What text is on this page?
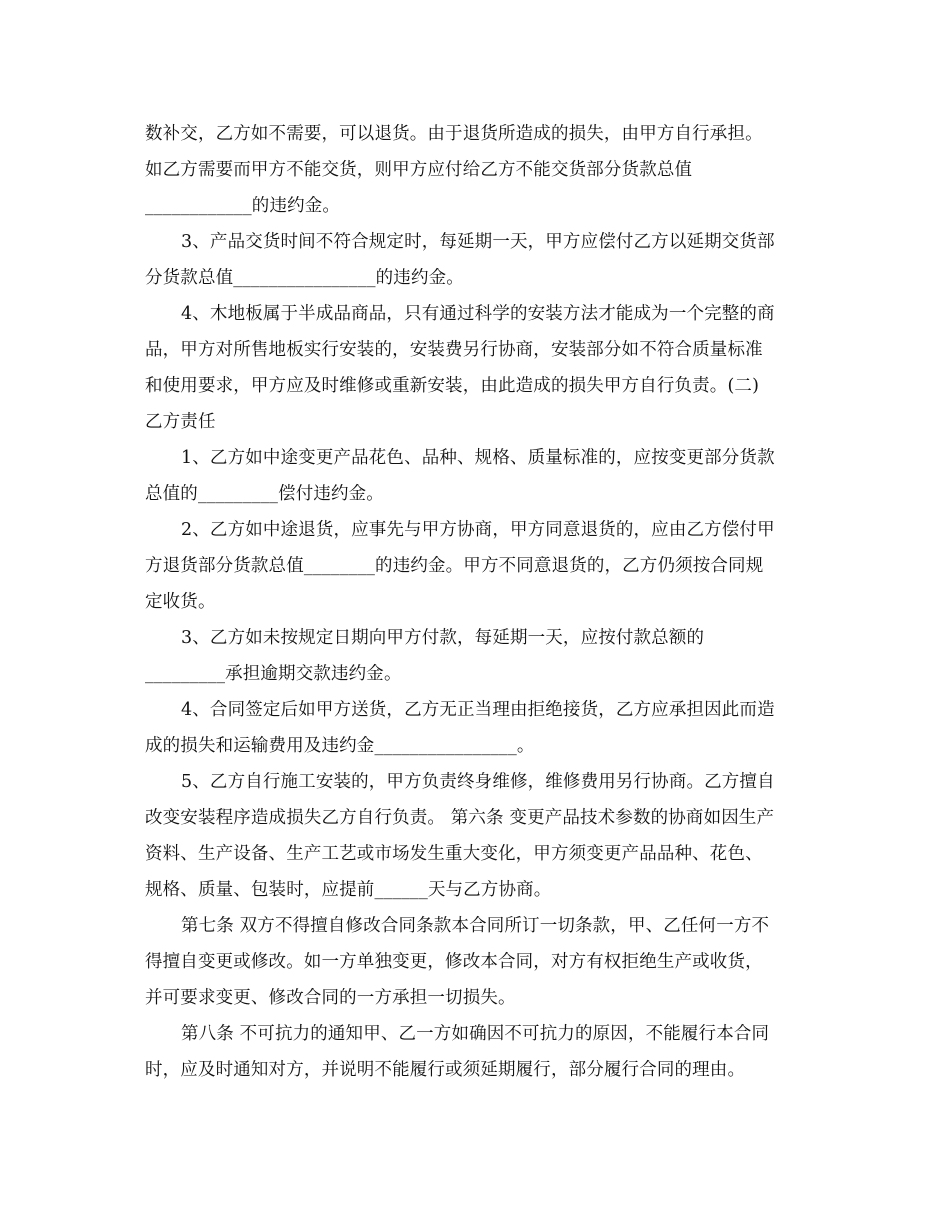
数补交，乙方如不需要，可以退货。由于退货所造成的损失，由甲方自行承担。
如乙方需要而甲方不能交货，则甲方应付给乙方不能交货部分货款总值
____________的违约金。
3、产品交货时间不符合规定时，每延期一天，甲方应偿付乙方以延期交货部
分货款总值________________的违约金。
4、木地板属于半成品商品，只有通过科学的安装方法才能成为一个完整的商
品，甲方对所售地板实行安装的，安装费另行协商，安装部分如不符合质量标准
和使用要求，甲方应及时维修或重新安装，由此造成的损失甲方自行负责。(二)
乙方责任
1、乙方如中途变更产品花色、品种、规格、质量标准的，应按变更部分货款
总值的_________偿付违约金。
2、乙方如中途退货，应事先与甲方协商，甲方同意退货的，应由乙方偿付甲
方退货部分货款总值________的违约金。甲方不同意退货的，乙方仍须按合同规
定收货。
3、乙方如未按规定日期向甲方付款，每延期一天，应按付款总额的
_________承担逾期交款违约金。
4、合同签定后如甲方送货，乙方无正当理由拒绝接货，乙方应承担因此而造
成的损失和运输费用及违约金________________。
5、乙方自行施工安装的，甲方负责终身维修，维修费用另行协商。乙方擅自
改变安装程序造成损失乙方自行负责。 第六条 变更产品技术参数的协商如因生产
资料、生产设备、生产工艺或市场发生重大变化，甲方须变更产品品种、花色、
规格、质量、包装时，应提前______天与乙方协商。
第七条 双方不得擅自修改合同条款本合同所订一切条款，甲、乙任何一方不
得擅自变更或修改。如一方单独变更，修改本合同，对方有权拒绝生产或收货，
并可要求变更、修改合同的一方承担一切损失。
第八条 不可抗力的通知甲、乙一方如确因不可抗力的原因，不能履行本合同
时，应及时通知对方，并说明不能履行或须延期履行，部分履行合同的理由。
